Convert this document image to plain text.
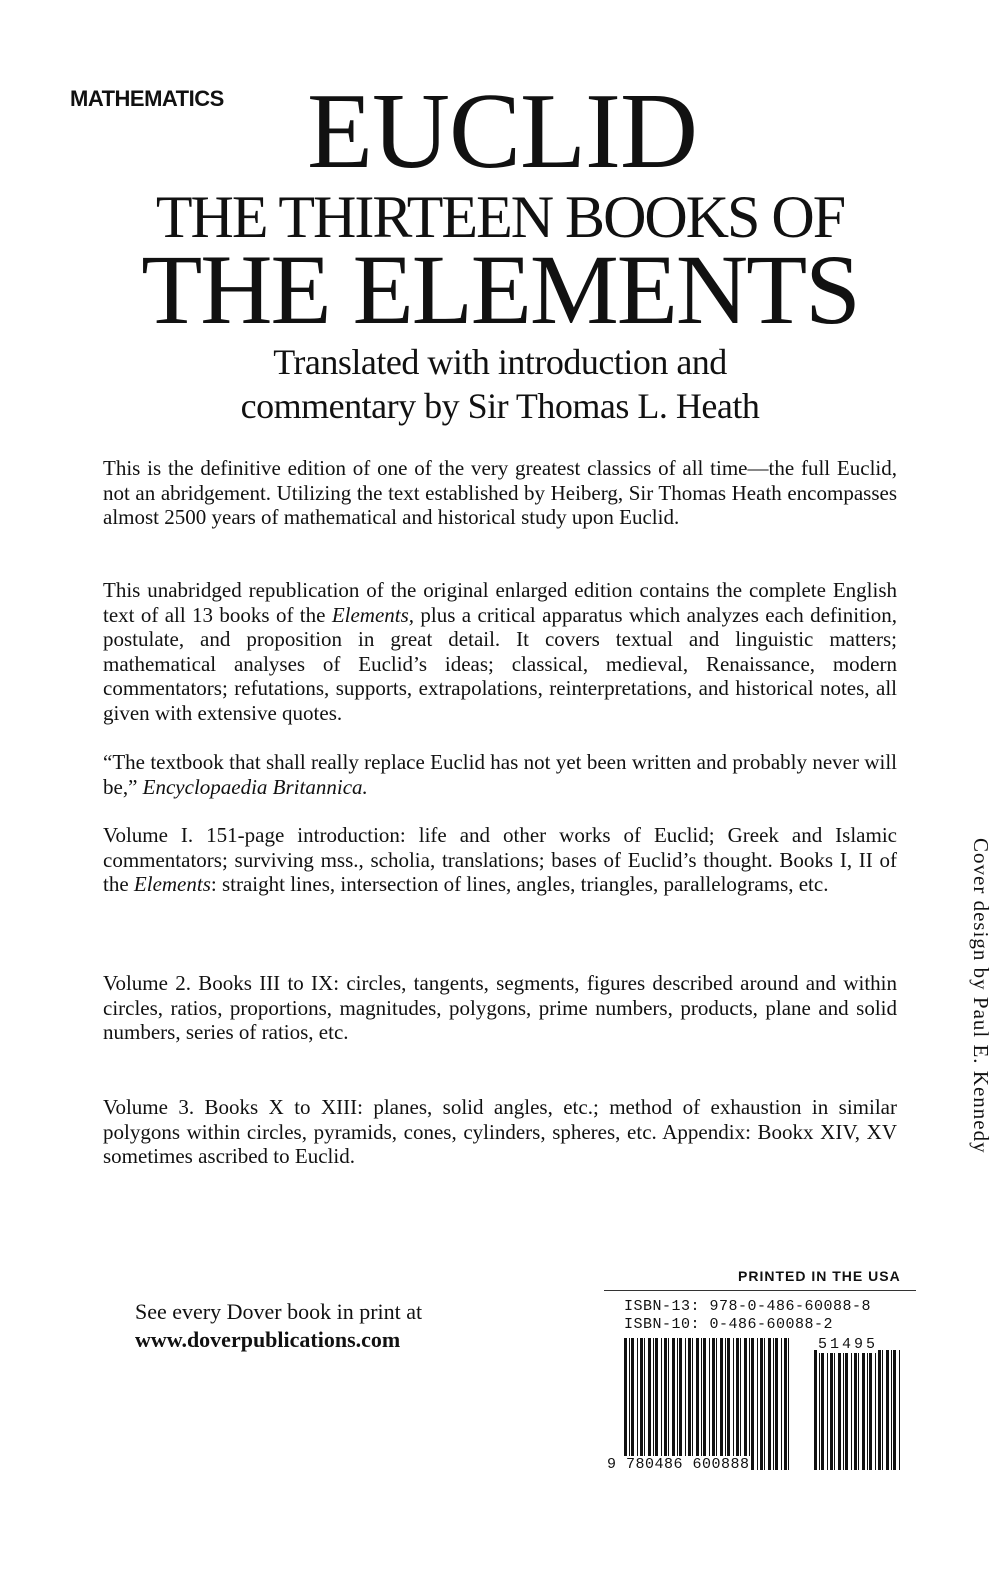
MATHEMATICS EUCLID
THE THIRTEEN BOOKS OF
THE ELEMENTS
Translated with introduction and
commentary by Sir Thomas L. Heath
This is the definitive edition of one of the very greatest classics of all time—the full Euclid, not an abridgement. Utilizing the text established by Heiberg, Sir Thomas Heath encompasses almost 2500 years of mathematical and historical study upon Euclid.
This unabridged republication of the original enlarged edition contains the complete English text of all 13 books of the Elements, plus a critical apparatus which analyzes each definition, postulate, and proposition in great detail. It covers textual and linguistic matters; mathematical analyses of Euclid’s ideas; classical, medieval, Renaissance, modern commentators; refutations, supports, extrapolations, reinterpretations, and historical notes, all given with extensive quotes.
“The textbook that shall really replace Euclid has not yet been written and probably never will be,” Encyclopaedia Britannica.
Volume I. 151-page introduction: life and other works of Euclid; Greek and Islamic commentators; surviving mss., scholia, translations; bases of Euclid’s thought. Books I, II of the Elements: straight lines, intersection of lines, angles, triangles, parallelograms, etc.
Volume 2. Books III to IX: circles, tangents, segments, figures described around and within circles, ratios, proportions, magnitudes, polygons, prime numbers, products, plane and solid numbers, series of ratios, etc.
Volume 3. Books X to XIII: planes, solid angles, etc.; method of exhaustion in similar polygons within circles, pyramids, cones, cylinders, spheres, etc. Appendix: Bookx XIV, XV sometimes ascribed to Euclid.
Cover design by Paul E. Kennedy
See every Dover book in print at
www.doverpublications.com
PRINTED IN THE USA
ISBN-13: 978-0-486-60088-8
ISBN-10: 0-486-60088-2
9 780486 600888
51495
